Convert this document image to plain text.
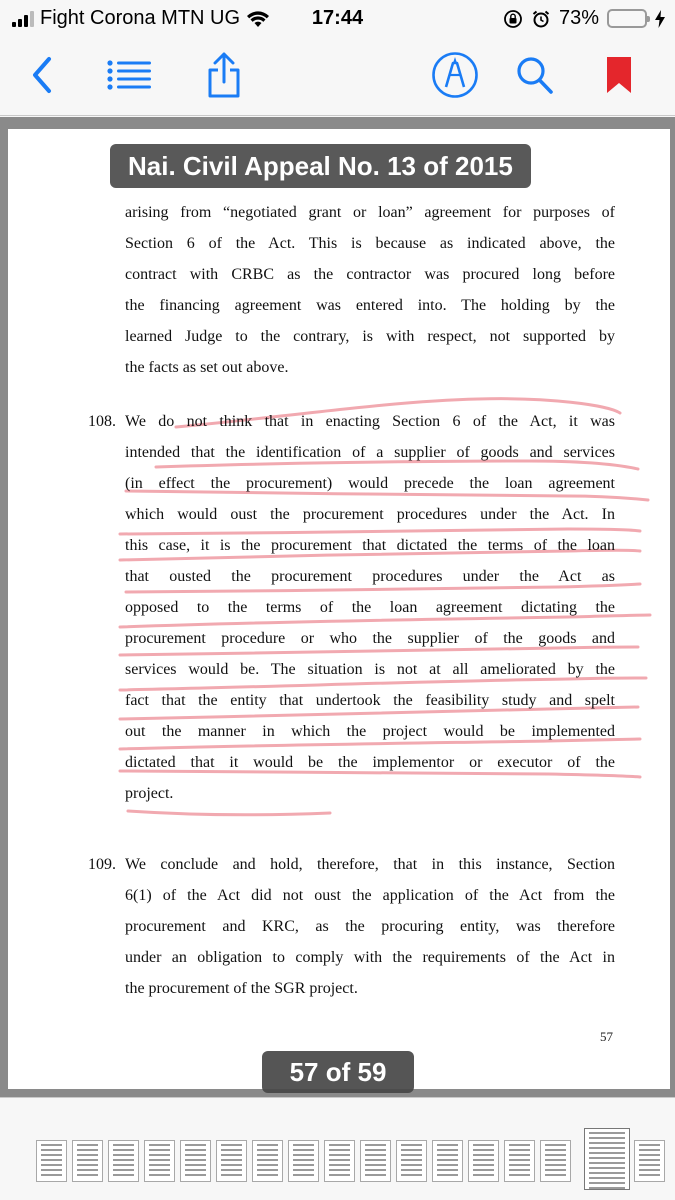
Fight Corona MTN UG	17:44	73%
arising from “negotiated grant or loan” agreement for purposes of
Section 6 of the Act. This is because as indicated above, the
contract with CRBC as the contractor was procured long before
the financing agreement was entered into. The holding by the
learned Judge to the contrary, is with respect, not supported by
the facts as set out above.
108. We do not think that in enacting Section 6 of the Act, it was
intended that the identification of a supplier of goods and services
(in effect the procurement) would precede the loan agreement
which would oust the procurement procedures under the Act. In
this case, it is the procurement that dictated the terms of the loan
that ousted the procurement procedures under the Act as
opposed to the terms of the loan agreement dictating the
procurement procedure or who the supplier of the goods and
services would be. The situation is not at all ameliorated by the
fact that the entity that undertook the feasibility study and spelt
out the manner in which the project would be implemented
dictated that it would be the implementor or executor of the
project.
109. We conclude and hold, therefore, that in this instance, Section
6(1) of the Act did not oust the application of the Act from the
procurement and KRC, as the procuring entity, was therefore
under an obligation to comply with the requirements of the Act in
the procurement of the SGR project.
57
Nai. Civil Appeal No. 13 of 2015
57 of 59
